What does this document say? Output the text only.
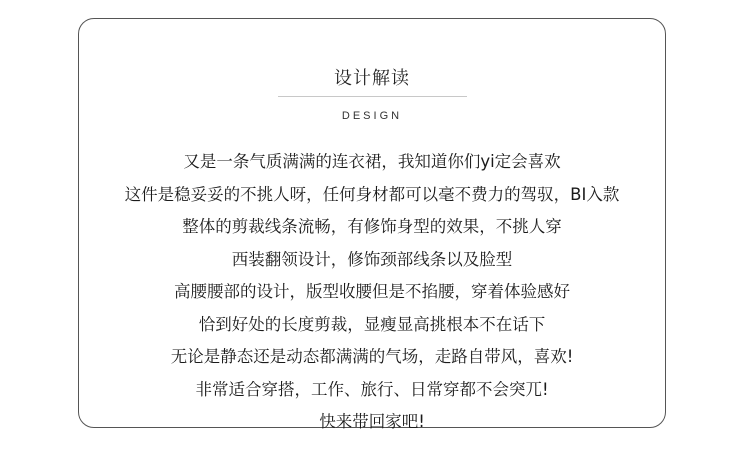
设计解读
DESIGN
又是一条气质满满的连衣裙，我知道你们yi定会喜欢
这件是稳妥妥的不挑人呀，任何身材都可以毫不费力的驾驭，BI入款
整体的剪裁线条流畅，有修饰身型的效果，不挑人穿
西装翻领设计，修饰颈部线条以及脸型
高腰腰部的设计，版型收腰但是不掐腰，穿着体验感好
恰到好处的长度剪裁，显瘦显高挑根本不在话下
无论是静态还是动态都满满的气场，走路自带风，喜欢!
非常适合穿搭，工作、旅行、日常穿都不会突兀!
快来带回家吧!
